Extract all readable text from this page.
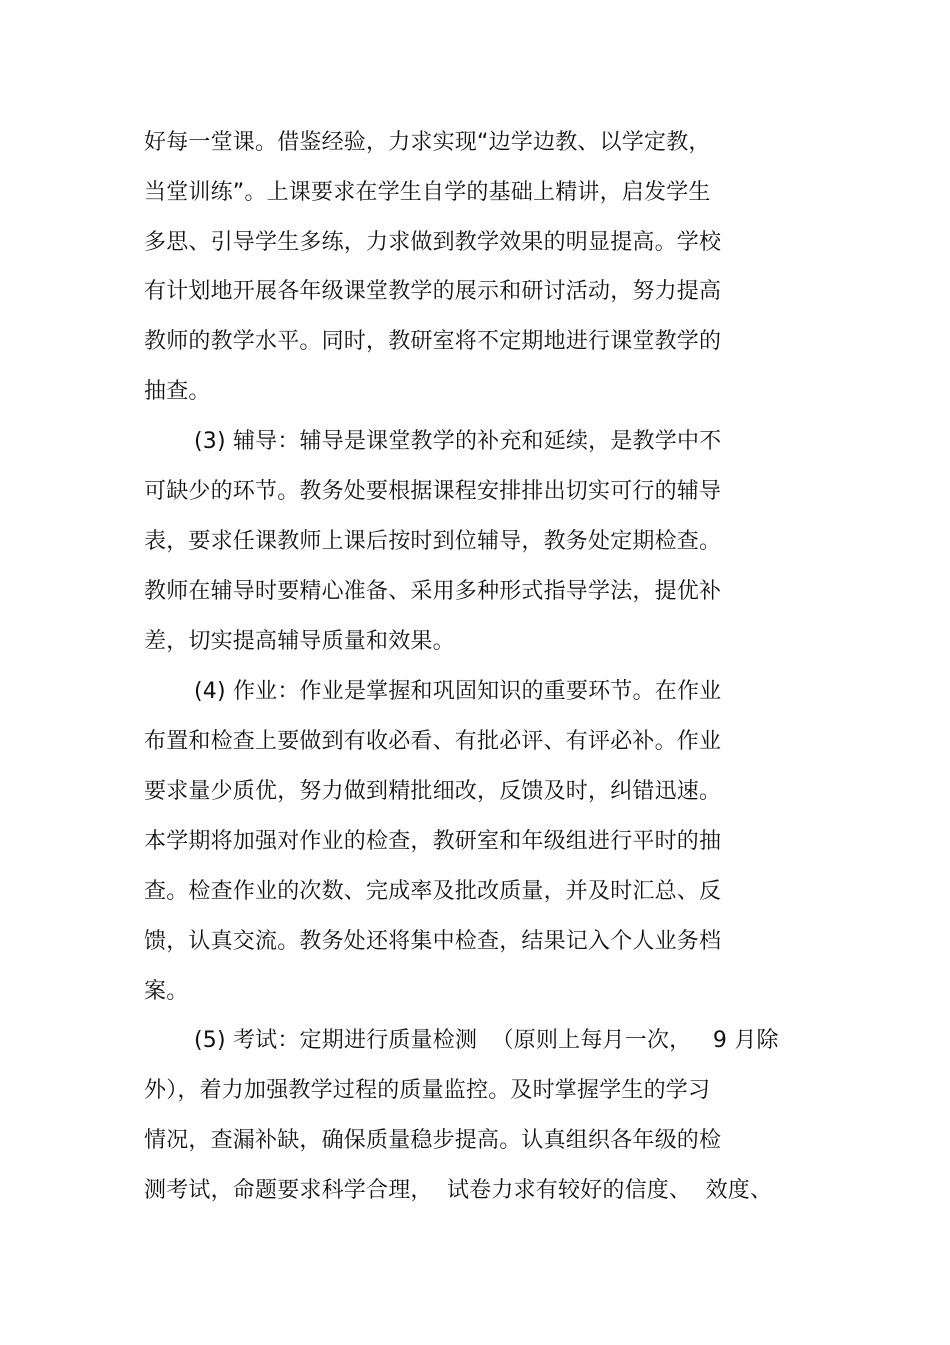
好每一堂课。借鉴经验，力求实现“边学边教、以学定教，
当堂训练”。上课要求在学生自学的基础上精讲，启发学生
多思、引导学生多练，力求做到教学效果的明显提高。学校
有计划地开展各年级课堂教学的展示和研讨活动，努力提高
教师的教学水平。同时，教研室将不定期地进行课堂教学的
抽查。
(3) 辅导：辅导是课堂教学的补充和延续，是教学中不
可缺少的环节。教务处要根据课程安排排出切实可行的辅导
表，要求任课教师上课后按时到位辅导，教务处定期检查。
教师在辅导时要精心准备、采用多种形式指导学法，提优补
差，切实提高辅导质量和效果。
(4) 作业：作业是掌握和巩固知识的重要环节。在作业
布置和检查上要做到有收必看、有批必评、有评必补。作业
要求量少质优，努力做到精批细改，反馈及时，纠错迅速。
本学期将加强对作业的检查，教研室和年级组进行平时的抽
查。检查作业的次数、完成率及批改质量，并及时汇总、反
馈，认真交流。教务处还将集中检查，结果记入个人业务档
案。
(5) 考试：定期进行质量检测  （原则上每月一次，   9 月除
外），着力加强教学过程的质量监控。及时掌握学生的学习
情况，查漏补缺，确保质量稳步提高。认真组织各年级的检
测考试，命题要求科学合理，  试卷力求有较好的信度、  效度、
